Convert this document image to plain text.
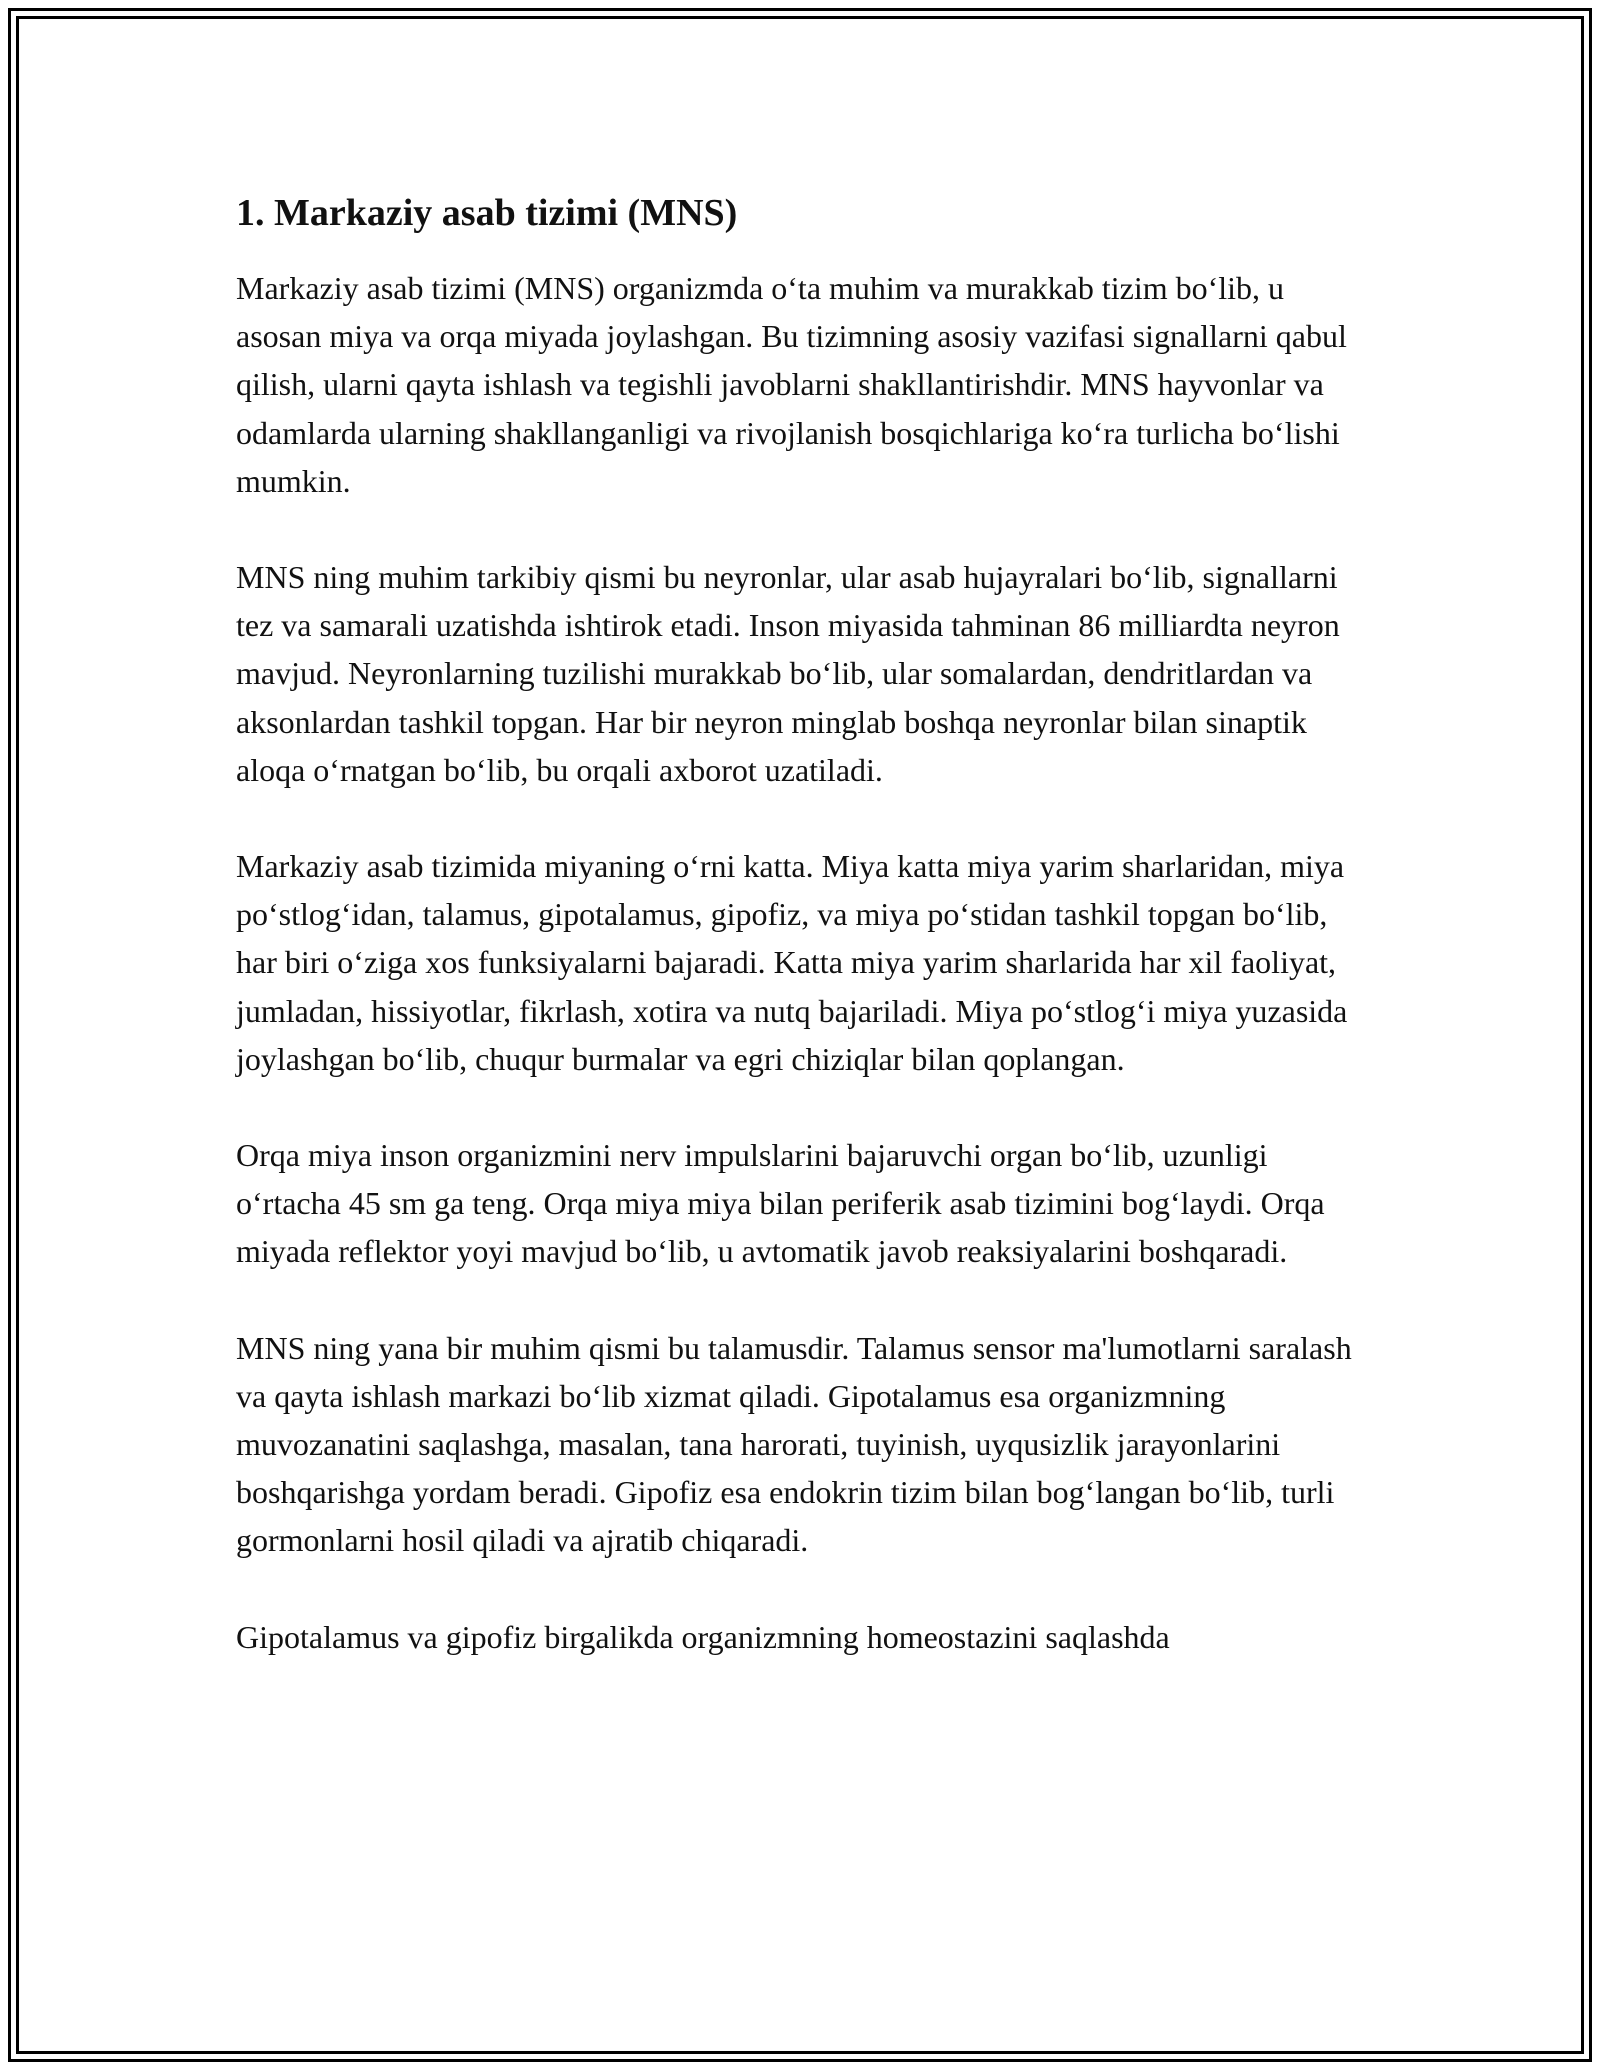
1. Markaziy asab tizimi (MNS)

Markaziy asab tizimi (MNS) organizmda oʻta muhim va murakkab tizim boʻlib, u asosan miya va orqa miyada joylashgan. Bu tizimning asosiy vazifasi signallarni qabul qilish, ularni qayta ishlash va tegishli javoblarni shakllantirishdir. MNS hayvonlar va odamlarda ularning shakllanganligi va rivojlanish bosqichlariga koʻra turlicha boʻlishi mumkin.

MNS ning muhim tarkibiy qismi bu neyronlar, ular asab hujayralari boʻlib, signallarni tez va samarali uzatishda ishtirok etadi. Inson miyasida tahminan 86 milliardta neyron mavjud. Neyronlarning tuzilishi murakkab boʻlib, ular somalardan, dendritlardan va aksonlardan tashkil topgan. Har bir neyron minglab boshqa neyronlar bilan sinaptik aloqa oʻrnatgan boʻlib, bu orqali axborot uzatiladi.

Markaziy asab tizimida miyaning oʻrni katta. Miya katta miya yarim sharlaridan, miya poʻstlogʻidan, talamus, gipotalamus, gipofiz, va miya poʻstidan tashkil topgan boʻlib, har biri oʻziga xos funksiyalarni bajaradi. Katta miya yarim sharlarida har xil faoliyat, jumladan, hissiyotlar, fikrlash, xotira va nutq bajariladi. Miya poʻstlogʻi miya yuzasida joylashgan boʻlib, chuqur burmalar va egri chiziqlar bilan qoplangan.

Orqa miya inson organizmini nerv impulslarini bajaruvchi organ boʻlib, uzunligi oʻrtacha 45 sm ga teng. Orqa miya miya bilan periferik asab tizimini bogʻlaydi. Orqa miyada reflektor yoyi mavjud boʻlib, u avtomatik javob reaksiyalarini boshqaradi.

MNS ning yana bir muhim qismi bu talamusdir. Talamus sensor ma'lumotlarni saralash va qayta ishlash markazi boʻlib xizmat qiladi. Gipotalamus esa organizmning muvozanatini saqlashga, masalan, tana harorati, tuyinish, uyqusizlik jarayonlarini boshqarishga yordam beradi. Gipofiz esa endokrin tizim bilan bogʻlangan boʻlib, turli gormonlarni hosil qiladi va ajratib chiqaradi.

Gipotalamus va gipofiz birgalikda organizmning homeostazini saqlashda
